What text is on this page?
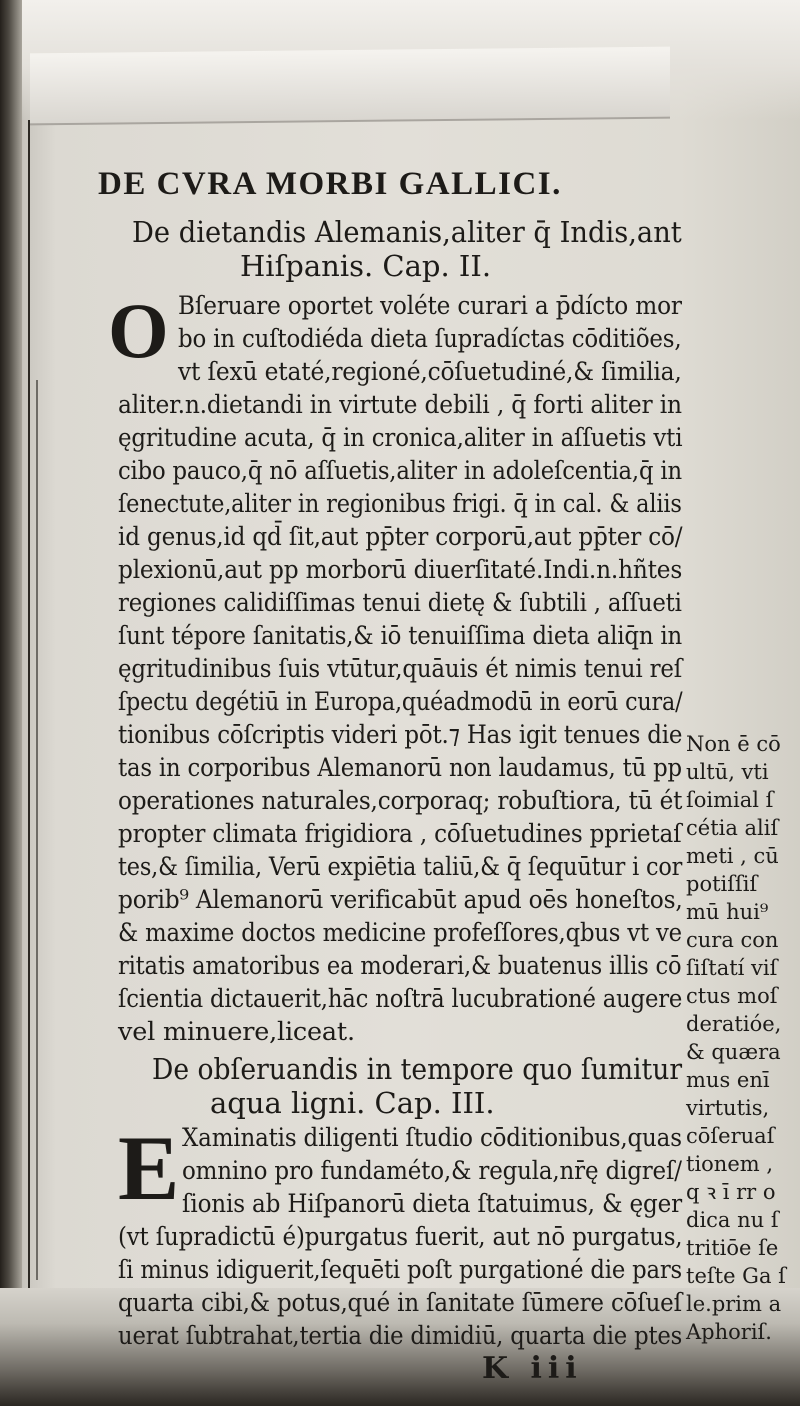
DE CVRA MORBI GALLICI.
De dietandis Alemanis,aliter q̄ Indis,ant
Hiſpanis. Cap. II.
O Bſeruare oportet voléte curari a p̄dícto mor
bo in cuſtodiéda dieta ſupradíctas cōditiões,
vt ſexū etaté,regioné,cōſuetudiné,& ſimilia,
aliter.n.dietandi in virtute debili , q̄ forti aliter in
ęgritudine acuta, q̄ in cronica,aliter in aſſuetis vti
cibo pauco,q̄ nō aſſuetis,aliter in adoleſcentia,q̄ in
ſenectute,aliter in regionibus frigi. q̄ in cal. & aliis
id genus,id qd̄ ſit,aut pp̄ter corporū,aut pp̄ter cō/
plexionū,aut pp morborū diuerſitaté.Indi.n.hñtes
regiones calidiſſimas tenui dietę & ſubtili , aſſueti
ſunt tépore ſanitatis,& iō tenuiſſima dieta aliq̄n in
ęgritudinibus ſuis vtūtur,quāuis ét nimis tenui reſ
ſpectu degétiū in Europa,quéadmodū in eorū cura/
tionibus cōſcriptis videri pōt.⁊ Has igit tenues die
tas in corporibus Alemanorū non laudamus, tū pp
operationes naturales,corporaq; robuſtiora, tū ét
propter climata frigidiora , cōſuetudines pprietaſ
tes,& ſimilia, Verū expiētia taliū,& q̄ ſequūtur i cor
porib⁹ Alemanorū verificabūt apud oēs honeſtos,
& maxime doctos medicine profeſſores,qbus vt ve
ritatis amatoribus ea moderari,& buatenus illis cō
ſcientia dictauerit,hāc noſtrā lucubrationé augere
vel minuere,liceat.
De obſeruandis in tempore quo ſumitur
aqua ligni. Cap. III.
E Xaminatis diligenti ſtudio cōditionibus,quas
omnino pro fundaméto,& regula,nr̄ę digreſ/
ſionis ab Hiſpanorū dieta ſtatuimus, & ęger
(vt ſupradictū é)purgatus fuerit, aut nō purgatus,
ſi minus idiguerit,ſequēti poſt purgationé die pars
quarta cibi,& potus,qué in ſanitate ſūmere cōſueſ
uerat ſubtrahat,tertia die dimidiū, quarta die ptes
K iii
Non ē cō
ultū, vti
ſoimial ſ
cétia aliſ
meti , cū
potiſſiſ
mū hui⁹
cura con
ſiſtatí viſ
ctus moſ
deratióe,
& quæra
mus enī
virtutis,
cōſeruaſ
tionem ,
q ꝛ ī rr o
dica nu ſ
tritiōe ſe
teſte Ga ſ
le.prim a
Aphoriſ.
